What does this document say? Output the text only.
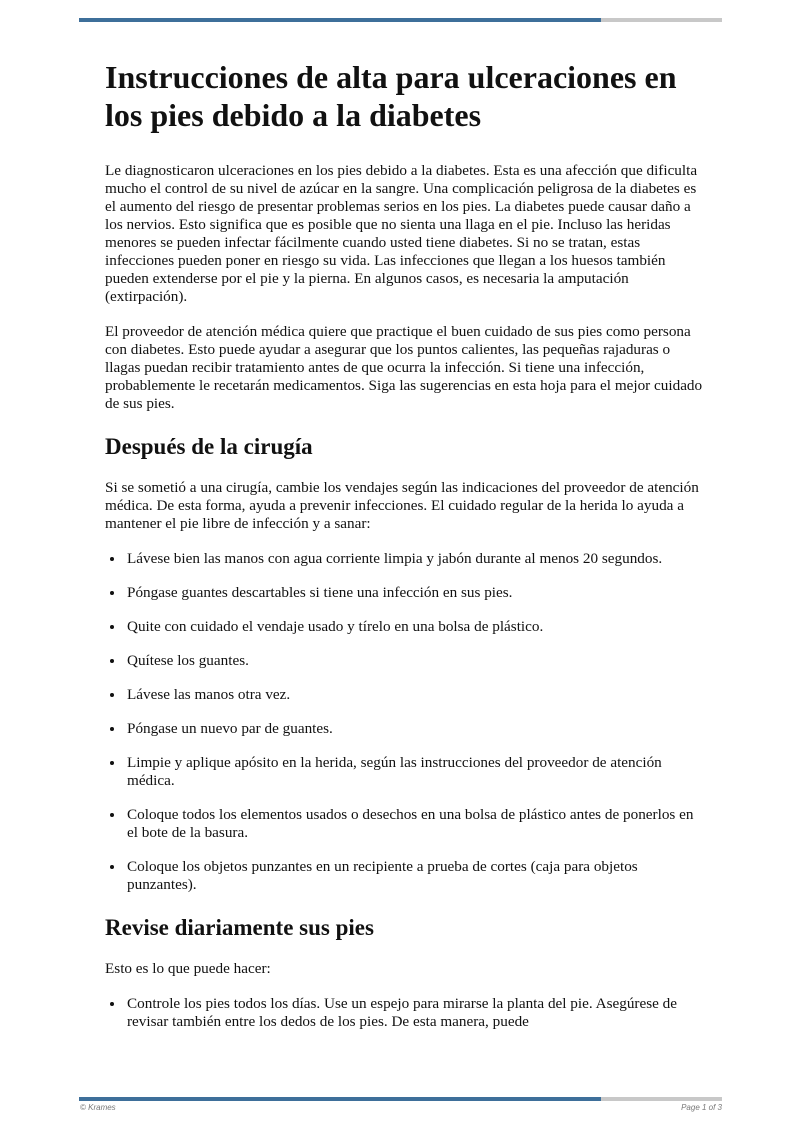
Instrucciones de alta para ulceraciones en los pies debido a la diabetes

Le diagnosticaron ulceraciones en los pies debido a la diabetes. Esta es una afección que dificulta mucho el control de su nivel de azúcar en la sangre. Una complicación peligrosa de la diabetes es el aumento del riesgo de presentar problemas serios en los pies. La diabetes puede causar daño a los nervios. Esto significa que es posible que no sienta una llaga en el pie. Incluso las heridas menores se pueden infectar fácilmente cuando usted tiene diabetes. Si no se tratan, estas infecciones pueden poner en riesgo su vida. Las infecciones que llegan a los huesos también pueden extenderse por el pie y la pierna. En algunos casos, es necesaria la amputación (extirpación).

El proveedor de atención médica quiere que practique el buen cuidado de sus pies como persona con diabetes. Esto puede ayudar a asegurar que los puntos calientes, las pequeñas rajaduras o llagas puedan recibir tratamiento antes de que ocurra la infección. Si tiene una infección, probablemente le recetarán medicamentos. Siga las sugerencias en esta hoja para el mejor cuidado de sus pies.

Después de la cirugía

Si se sometió a una cirugía, cambie los vendajes según las indicaciones del proveedor de atención médica. De esta forma, ayuda a prevenir infecciones. El cuidado regular de la herida lo ayuda a mantener el pie libre de infección y a sanar:

• Lávese bien las manos con agua corriente limpia y jabón durante al menos 20 segundos.
• Póngase guantes descartables si tiene una infección en sus pies.
• Quite con cuidado el vendaje usado y tírelo en una bolsa de plástico.
• Quítese los guantes.
• Lávese las manos otra vez.
• Póngase un nuevo par de guantes.
• Limpie y aplique apósito en la herida, según las instrucciones del proveedor de atención médica.
• Coloque todos los elementos usados o desechos en una bolsa de plástico antes de ponerlos en el bote de la basura.
• Coloque los objetos punzantes en un recipiente a prueba de cortes (caja para objetos punzantes).
Revise diariamente sus pies

Esto es lo que puede hacer:

• Controle los pies todos los días. Use un espejo para mirarse la planta del pie. Asegúrese de revisar también entre los dedos de los pies. De esta manera, puede
© Krames	Page 1 of 3
